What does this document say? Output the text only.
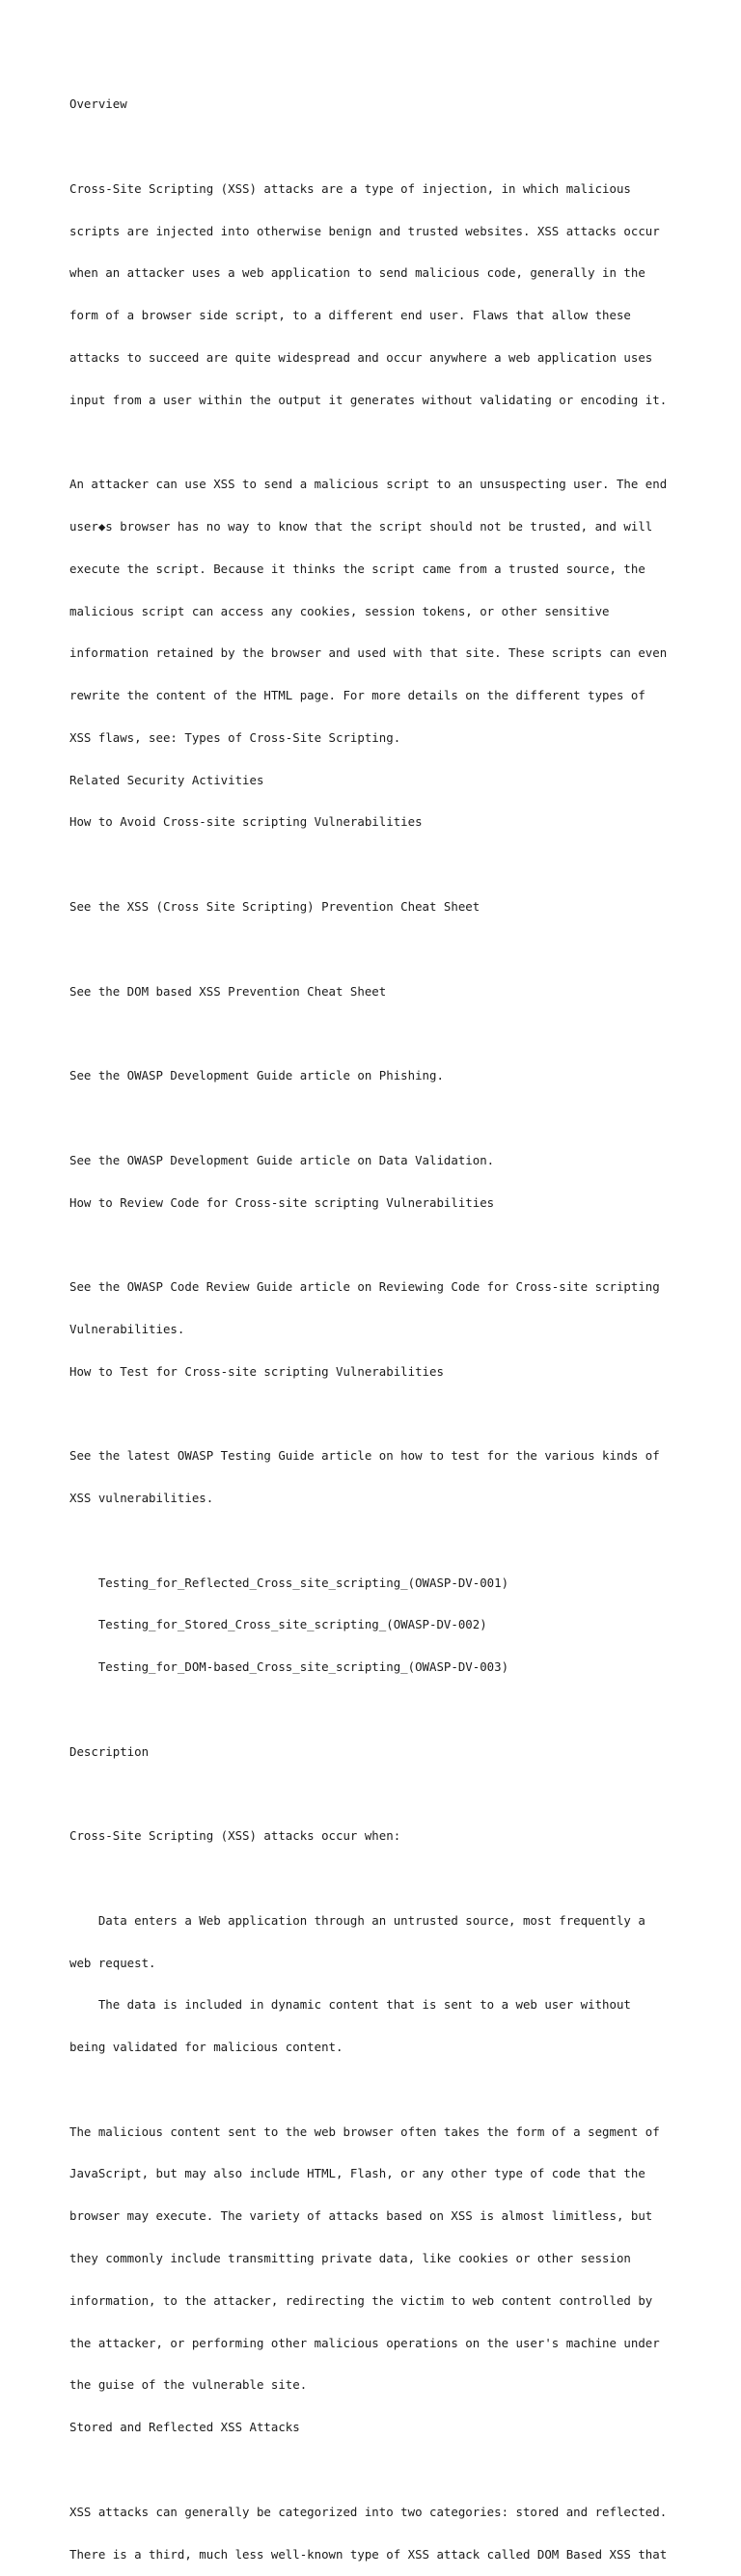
Overview

Cross-Site Scripting (XSS) attacks are a type of injection, in which malicious

scripts are injected into otherwise benign and trusted websites. XSS attacks occur

when an attacker uses a web application to send malicious code, generally in the

form of a browser side script, to a different end user. Flaws that allow these

attacks to succeed are quite widespread and occur anywhere a web application uses

input from a user within the output it generates without validating or encoding it.

An attacker can use XSS to send a malicious script to an unsuspecting user. The end

user◆s browser has no way to know that the script should not be trusted, and will

execute the script. Because it thinks the script came from a trusted source, the

malicious script can access any cookies, session tokens, or other sensitive

information retained by the browser and used with that site. These scripts can even

rewrite the content of the HTML page. For more details on the different types of

XSS flaws, see: Types of Cross-Site Scripting.

Related Security Activities

How to Avoid Cross-site scripting Vulnerabilities

See the XSS (Cross Site Scripting) Prevention Cheat Sheet

See the DOM based XSS Prevention Cheat Sheet

See the OWASP Development Guide article on Phishing.

See the OWASP Development Guide article on Data Validation.

How to Review Code for Cross-site scripting Vulnerabilities

See the OWASP Code Review Guide article on Reviewing Code for Cross-site scripting

Vulnerabilities.

How to Test for Cross-site scripting Vulnerabilities

See the latest OWASP Testing Guide article on how to test for the various kinds of

XSS vulnerabilities.

Testing_for_Reflected_Cross_site_scripting_(OWASP-DV-001)

Testing_for_Stored_Cross_site_scripting_(OWASP-DV-002)

Testing_for_DOM-based_Cross_site_scripting_(OWASP-DV-003)

Description

Cross-Site Scripting (XSS) attacks occur when:

Data enters a Web application through an untrusted source, most frequently a

web request.

The data is included in dynamic content that is sent to a web user without

being validated for malicious content.

The malicious content sent to the web browser often takes the form of a segment of

JavaScript, but may also include HTML, Flash, or any other type of code that the

browser may execute. The variety of attacks based on XSS is almost limitless, but

they commonly include transmitting private data, like cookies or other session

information, to the attacker, redirecting the victim to web content controlled by

the attacker, or performing other malicious operations on the user's machine under

the guise of the vulnerable site.

Stored and Reflected XSS Attacks

XSS attacks can generally be categorized into two categories: stored and reflected.

There is a third, much less well-known type of XSS attack called DOM Based XSS that
